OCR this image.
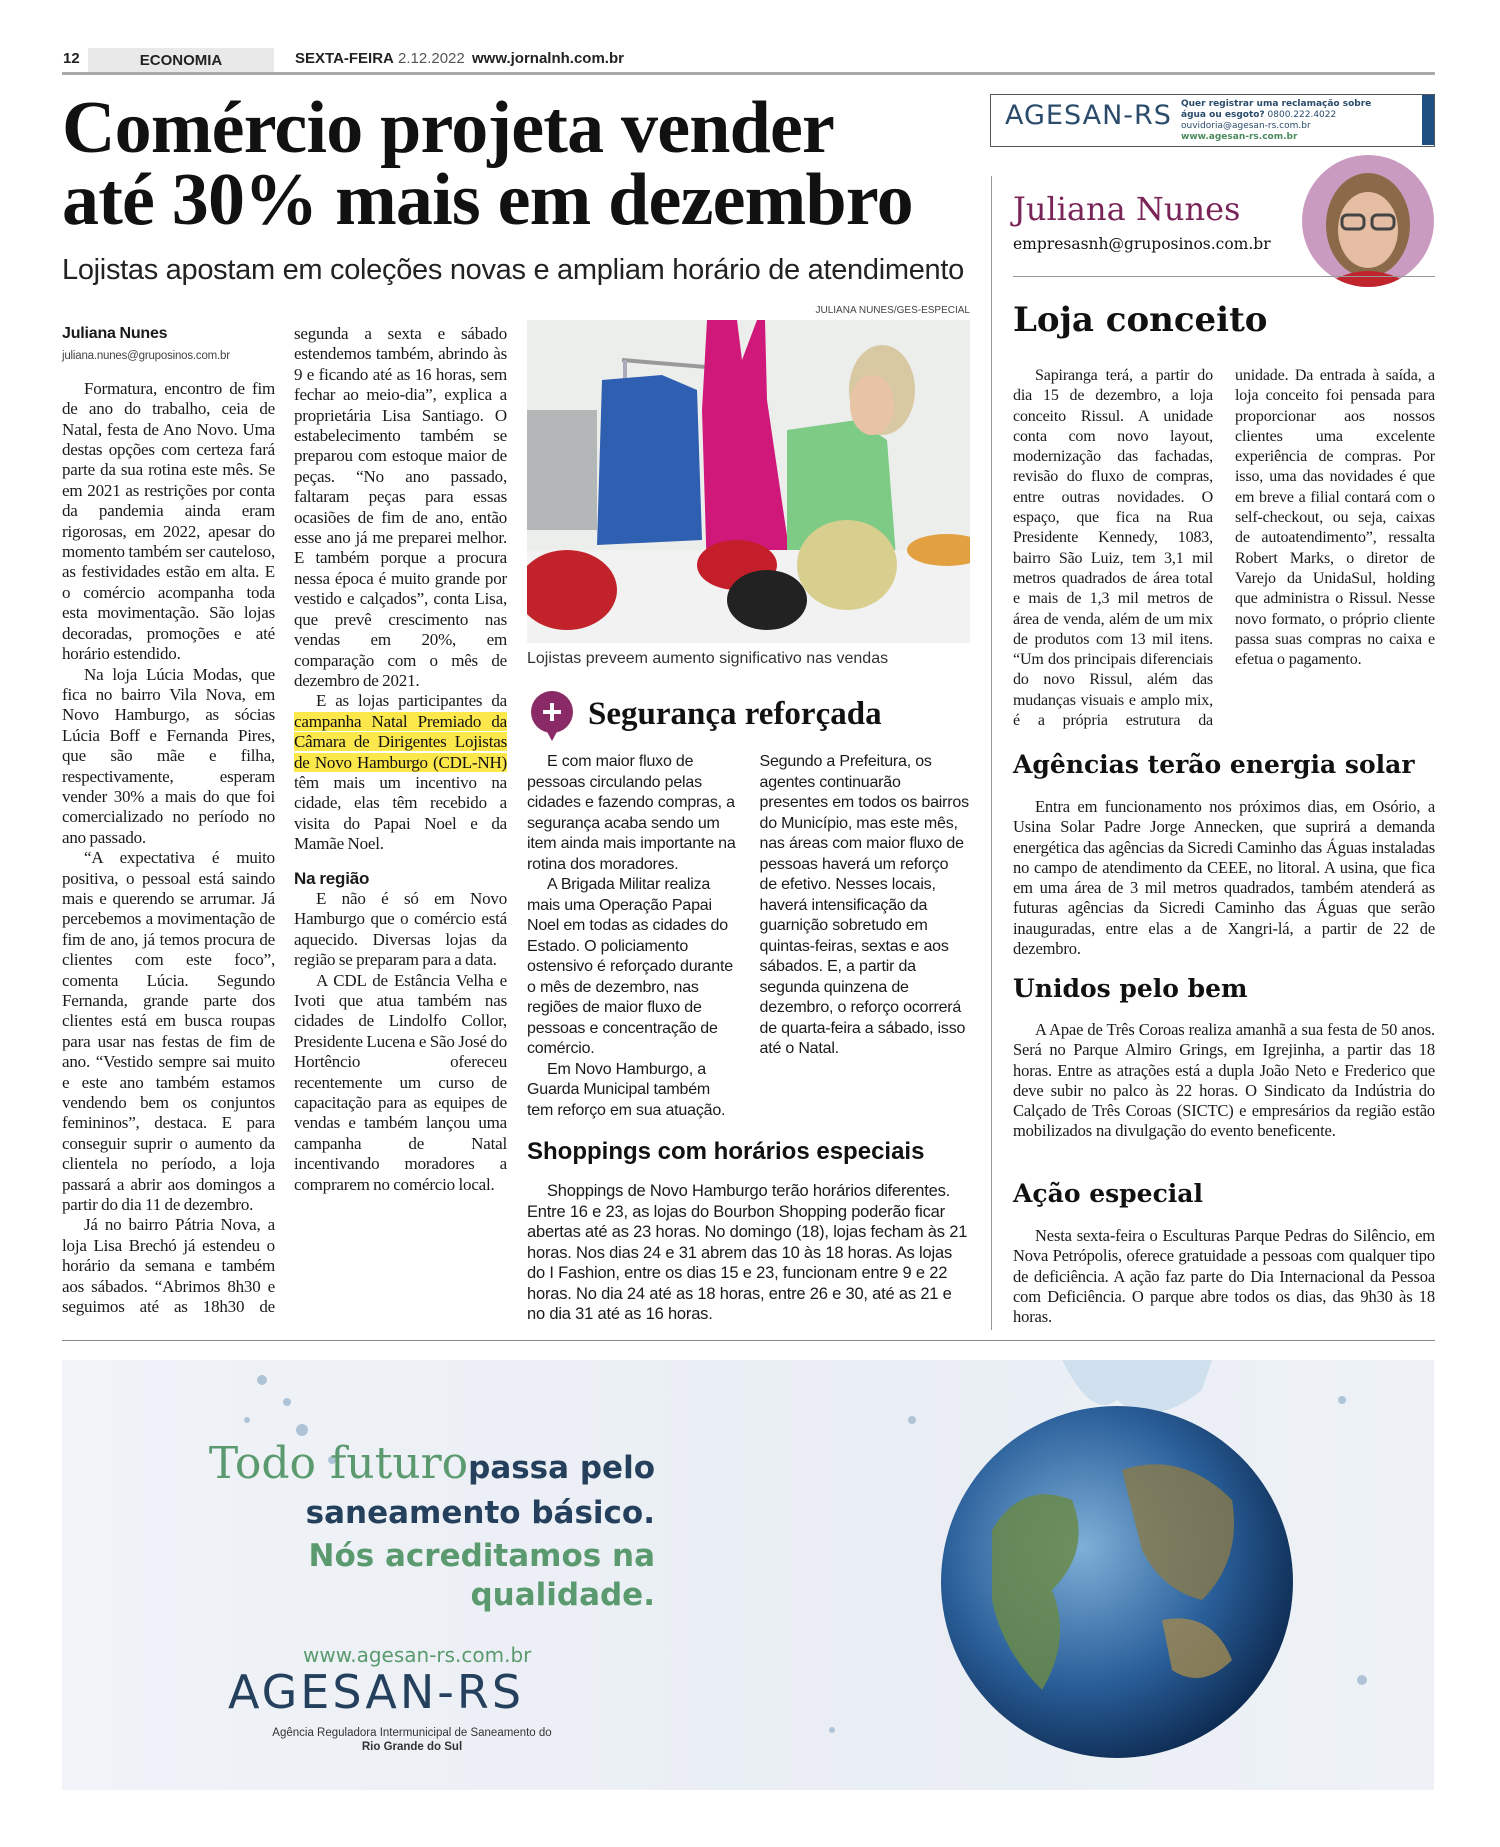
12	ECONOMIA	SEXTA-FEIRA 2.12.2022 www.jornalnh.com.br
Comércio projeta vender
até 30% mais em dezembro
Lojistas apostam em coleções novas e ampliam horário de atendimento

Juliana Nunes

juliana.nunes@gruposinos.com.br

Formatura, encontro de fim de ano do trabalho, ceia de Natal, festa de Ano Novo. Uma destas opções com certeza fará parte da sua rotina este mês. Se em 2021 as restrições por conta da pandemia ainda eram rigorosas, em 2022, apesar do momento também ser cauteloso, as festividades estão em alta. E o comércio acompanha toda esta movimentação. São lojas decoradas, promoções e até horário estendido.

Na loja Lúcia Modas, que fica no bairro Vila Nova, em Novo Hamburgo, as sócias Lúcia Boff e Fernanda Pires, que são mãe e filha, respectivamente, esperam vender 30% a mais do que foi comercializado no período no ano passado.

“A expectativa é muito positiva, o pessoal está saindo mais e querendo se arrumar. Já percebemos a movimentação de fim de ano, já temos procura de clientes com este foco”, comenta Lúcia. Segundo Fernanda, grande parte dos clientes está em busca roupas para usar nas festas de fim de ano. “Vestido sempre sai muito e este ano também estamos vendendo bem os conjuntos femininos”, destaca. E para conseguir suprir o aumento da clientela no período, a loja passará a abrir aos domingos a partir do dia 11 de dezembro.

Já no bairro Pátria Nova, a loja Lisa Brechó já estendeu o horário da semana e também aos sábados. “Abrimos 8h30 e seguimos até as 18h30 de segunda a sexta e sábado estendemos também, abrindo às 9 e ficando até as 16 horas, sem fechar ao meio-dia”, explica a proprietária Lisa Santiago. O estabelecimento também se preparou com estoque maior de peças. “No ano passado, faltaram peças para essas ocasiões de fim de ano, então esse ano já me preparei melhor. E também porque a procura nessa época é muito grande por vestido e calçados”, conta Lisa, que prevê crescimento nas vendas em 20%, em comparação com o mês de dezembro de 2021.

E as lojas participantes da campanha Natal Premiado da Câmara de Dirigentes Lojistas de Novo Hamburgo (CDL-NH) têm mais um incentivo na cidade, elas têm recebido a visita do Papai Noel e da Mamãe Noel.

Na região

E não é só em Novo Hamburgo que o comércio está aquecido. Diversas lojas da região se preparam para a data.

A CDL de Estância Velha e Ivoti que atua também nas cidades de Lindolfo Collor, Presidente Lucena e São José do Hortêncio ofereceu recentemente um curso de capacitação para as equipes de vendas e também lançou uma campanha de Natal incentivando moradores a comprarem no comércio local.

JULIANA NUNES/GES-ESPECIAL
Lojistas preveem aumento significativo nas vendas
Segurança reforçada

E com maior fluxo de pessoas circulando pelas cidades e fazendo compras, a segurança acaba sendo um item ainda mais importante na rotina dos moradores.

A Brigada Militar realiza mais uma Operação Papai Noel em todas as cidades do Estado. O policiamento ostensivo é reforçado durante o mês de dezembro, nas regiões de maior fluxo de pessoas e concentração de comércio.

Em Novo Hamburgo, a Guarda Municipal também tem reforço em sua atuação. Segundo a Prefeitura, os agentes continuarão presentes em todos os bairros do Município, mas este mês, nas áreas com maior fluxo de pessoas haverá um reforço de efetivo. Nesses locais, haverá intensificação da guarnição sobretudo em quintas-feiras, sextas e aos sábados. E, a partir da segunda quinzena de dezembro, o reforço ocorrerá de quarta-feira a sábado, isso até o Natal.

Shoppings com horários especiais

Shoppings de Novo Hamburgo terão horários diferentes. Entre 16 e 23, as lojas do Bourbon Shopping poderão ficar abertas até as 23 horas. No domingo (18), lojas fecham às 21 horas. Nos dias 24 e 31 abrem das 10 às 18 horas. As lojas do I Fashion, entre os dias 15 e 23, funcionam entre 9 e 22 horas. No dia 24 até as 18 horas, entre 26 e 30, até as 21 e no dia 31 até as 16 horas.

AGESAN-RS Quer registrar uma reclamação sobre
água ou esgoto? 0800.222.4022
ouvidoria@agesan-rs.com.br
www.agesan-rs.com.br
Juliana Nunes
empresasnh@gruposinos.com.br
Loja conceito

Sapiranga terá, a partir do dia 15 de dezembro, a loja conceito Rissul. A unidade conta com novo layout, modernização das fachadas, revisão do fluxo de compras, entre outras novidades. O espaço, que fica na Rua Presidente Kennedy, 1083, bairro São Luiz, tem 3,1 mil metros quadrados de área total e mais de 1,3 mil metros de área de venda, além de um mix de produtos com 13 mil itens. “Um dos principais diferenciais do novo Rissul, além das mudanças visuais e amplo mix, é a própria estrutura da unidade. Da entrada à saída, a loja conceito foi pensada para proporcionar aos nossos clientes uma excelente experiência de compras. Por isso, uma das novidades é que em breve a filial contará com o self-checkout, ou seja, caixas de autoatendimento”, ressalta Robert Marks, o diretor de Varejo da UnidaSul, holding que administra o Rissul. Nesse novo formato, o próprio cliente passa suas compras no caixa e efetua o pagamento.

Agências terão energia solar

Entra em funcionamento nos próximos dias, em Osório, a Usina Solar Padre Jorge Annecken, que suprirá a demanda energética das agências da Sicredi Caminho das Águas instaladas no campo de atendimento da CEEE, no litoral. A usina, que fica em uma área de 3 mil metros quadrados, também atenderá as futuras agências da Sicredi Caminho das Águas que serão inauguradas, entre elas a de Xangri-lá, a partir de 22 de dezembro.

Unidos pelo bem

A Apae de Três Coroas realiza amanhã a sua festa de 50 anos. Será no Parque Almiro Grings, em Igrejinha, a partir das 18 horas. Entre as atrações está a dupla João Neto e Frederico que deve subir no palco às 22 horas. O Sindicato da Indústria do Calçado de Três Coroas (SICTC) e empresários da região estão mobilizados na divulgação do evento beneficente.

Ação especial

Nesta sexta-feira o Esculturas Parque Pedras do Silêncio, em Nova Petrópolis, oferece gratuidade a pessoas com qualquer tipo de deficiência. A ação faz parte do Dia Internacional da Pessoa com Deficiência. O parque abre todos os dias, das 9h30 às 18 horas.

Todo futuropassa pelo
saneamento básico.
Nós acreditamos na
qualidade.
www.agesan-rs.com.br
AGESAN-RS
Agência Reguladora Intermunicipal de Saneamento do
Rio Grande do Sul
